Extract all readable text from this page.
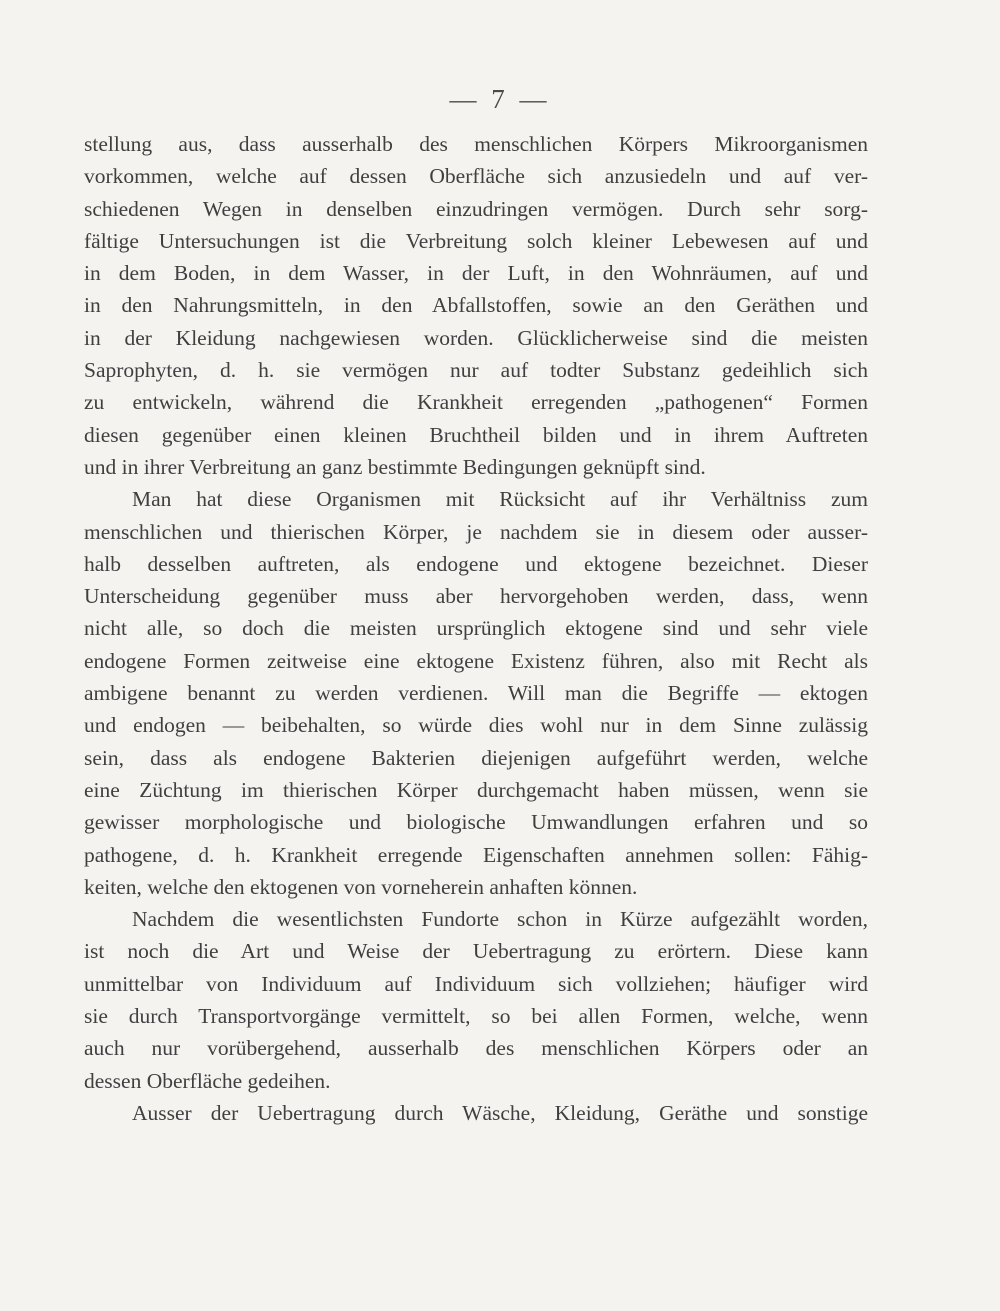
— 7 —
stellung aus, dass ausserhalb des menschlichen Körpers Mikroorganismen
vorkommen, welche auf dessen Oberfläche sich anzusiedeln und auf ver-
schiedenen Wegen in denselben einzudringen vermögen. Durch sehr sorg-
fältige Untersuchungen ist die Verbreitung solch kleiner Lebewesen auf und
in dem Boden, in dem Wasser, in der Luft, in den Wohnräumen, auf und
in den Nahrungsmitteln, in den Abfallstoffen, sowie an den Geräthen und
in der Kleidung nachgewiesen worden. Glücklicherweise sind die meisten
Saprophyten, d. h. sie vermögen nur auf todter Substanz gedeihlich sich
zu entwickeln, während die Krankheit erregenden „pathogenen“ Formen
diesen gegenüber einen kleinen Bruchtheil bilden und in ihrem Auftreten
und in ihrer Verbreitung an ganz bestimmte Bedingungen geknüpft sind.
Man hat diese Organismen mit Rücksicht auf ihr Verhältniss zum
menschlichen und thierischen Körper, je nachdem sie in diesem oder ausser-
halb desselben auftreten, als endogene und ektogene bezeichnet. Dieser
Unterscheidung gegenüber muss aber hervorgehoben werden, dass, wenn
nicht alle, so doch die meisten ursprünglich ektogene sind und sehr viele
endogene Formen zeitweise eine ektogene Existenz führen, also mit Recht als
ambigene benannt zu werden verdienen. Will man die Begriffe — ektogen
und endogen — beibehalten, so würde dies wohl nur in dem Sinne zulässig
sein, dass als endogene Bakterien diejenigen aufgeführt werden, welche
eine Züchtung im thierischen Körper durchgemacht haben müssen, wenn sie
gewisser morphologische und biologische Umwandlungen erfahren und so
pathogene, d. h. Krankheit erregende Eigenschaften annehmen sollen: Fähig-
keiten, welche den ektogenen von vorneherein anhaften können.
Nachdem die wesentlichsten Fundorte schon in Kürze aufgezählt worden,
ist noch die Art und Weise der Uebertragung zu erörtern. Diese kann
unmittelbar von Individuum auf Individuum sich vollziehen; häufiger wird
sie durch Transportvorgänge vermittelt, so bei allen Formen, welche, wenn
auch nur vorübergehend, ausserhalb des menschlichen Körpers oder an
dessen Oberfläche gedeihen.
Ausser der Uebertragung durch Wäsche, Kleidung, Geräthe und sonstige
